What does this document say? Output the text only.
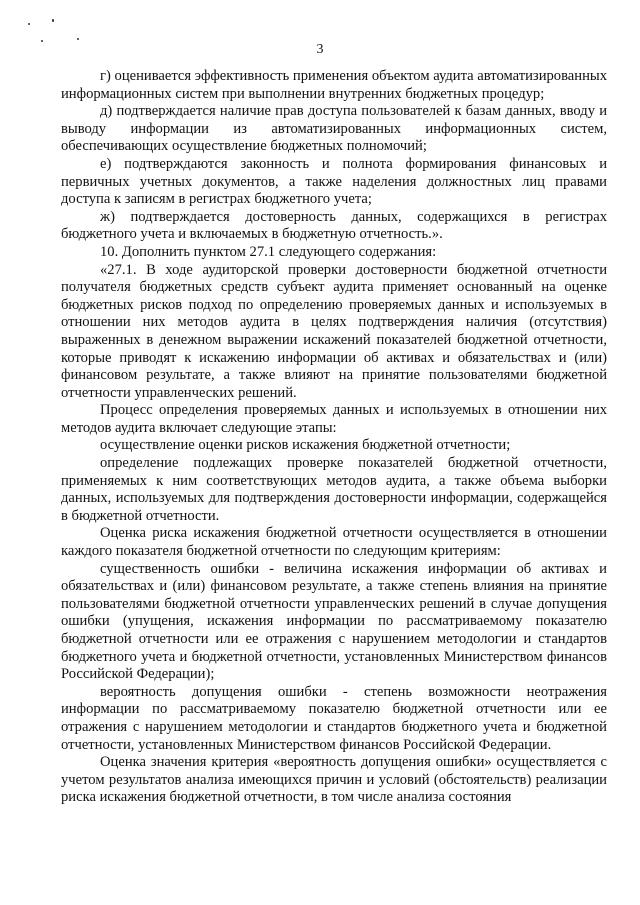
3

г) оценивается эффективность применения объектом аудита автоматизированных информационных систем при выполнении внутренних бюджетных процедур;

д) подтверждается наличие прав доступа пользователей к базам данных, вводу и выводу информации из автоматизированных информационных систем, обеспечивающих осуществление бюджетных полномочий;

е) подтверждаются законность и полнота формирования финансовых и первичных учетных документов, а также наделения должностных лиц правами доступа к записям в регистрах бюджетного учета;

ж) подтверждается достоверность данных, содержащихся в регистрах бюджетного учета и включаемых в бюджетную отчетность.».

10. Дополнить пунктом 27.1 следующего содержания:

«27.1. В ходе аудиторской проверки достоверности бюджетной отчетности получателя бюджетных средств субъект аудита применяет основанный на оценке бюджетных рисков подход по определению проверяемых данных и используемых в отношении них методов аудита в целях подтверждения наличия (отсутствия) выраженных в денежном выражении искажений показателей бюджетной отчетности, которые приводят к искажению информации об активах и обязательствах и (или) финансовом результате, а также влияют на принятие пользователями бюджетной отчетности управленческих решений.

Процесс определения проверяемых данных и используемых в отношении них методов аудита включает следующие этапы:

осуществление оценки рисков искажения бюджетной отчетности;

определение подлежащих проверке показателей бюджетной отчетности, применяемых к ним соответствующих методов аудита, а также объема выборки данных, используемых для подтверждения достоверности информации, содержащейся в бюджетной отчетности.

Оценка риска искажения бюджетной отчетности осуществляется в отношении каждого показателя бюджетной отчетности по следующим критериям:

существенность ошибки - величина искажения информации об активах и обязательствах и (или) финансовом результате, а также степень влияния на принятие пользователями бюджетной отчетности управленческих решений в случае допущения ошибки (упущения, искажения информации по рассматриваемому показателю бюджетной отчетности или ее отражения с нарушением методологии и стандартов бюджетного учета и бюджетной отчетности, установленных Министерством финансов Российской Федерации);

вероятность допущения ошибки - степень возможности неотражения информации по рассматриваемому показателю бюджетной отчетности или ее отражения с нарушением методологии и стандартов бюджетного учета и бюджетной отчетности, установленных Министерством финансов Российской Федерации.

Оценка значения критерия «вероятность допущения ошибки» осуществляется с учетом результатов анализа имеющихся причин и условий (обстоятельств) реализации риска искажения бюджетной отчетности, в том числе анализа состояния
